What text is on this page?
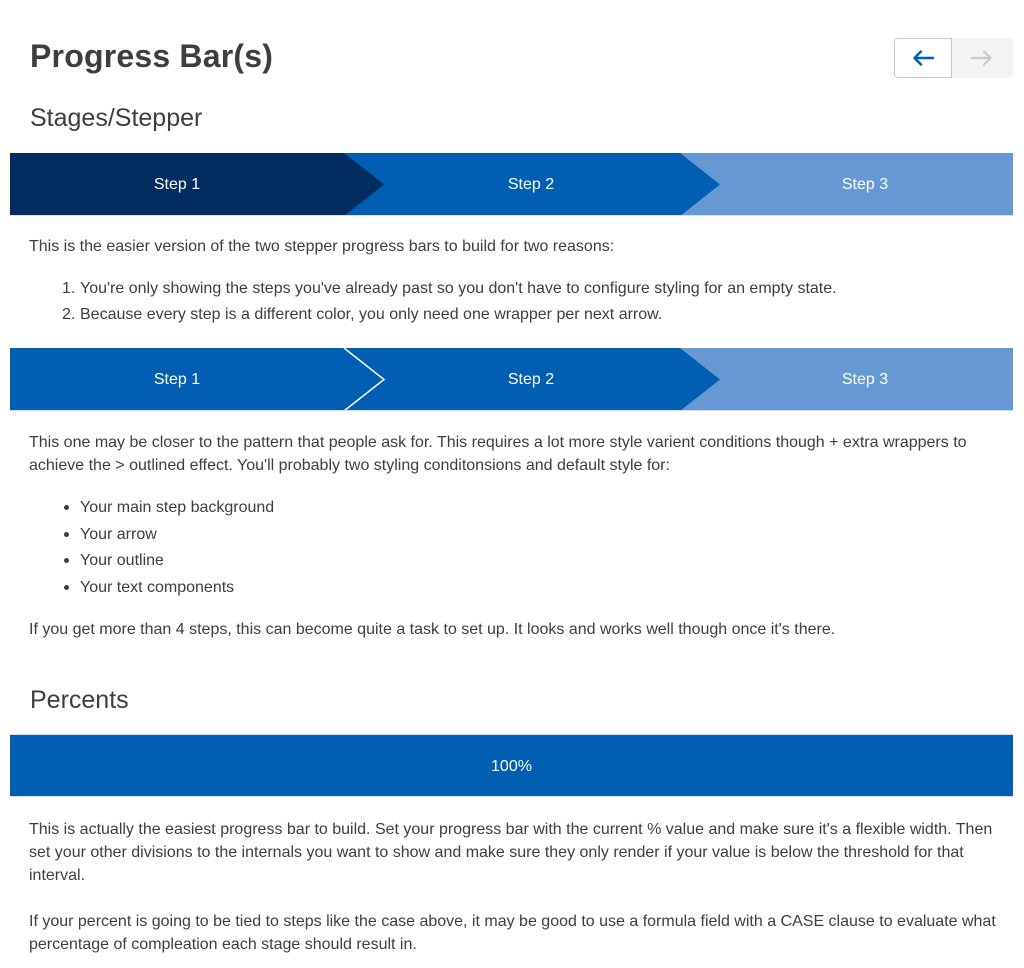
Progress Bar(s)
Stages/Stepper
Step 1	Step 2	Step 3

This is the easier version of the two stepper progress bars to build for two reasons:

1. You're only showing the steps you've already past so you don't have to configure styling for an empty state.
2. Because every step is a different color, you only need one wrapper per next arrow.
Step 1	Step 2	Step 3

This one may be closer to the pattern that people ask for. This requires a lot more style varient conditions though + extra wrappers to achieve the > outlined effect. You'll probably two styling conditonsions and default style for:

Your main step background
Your arrow
Your outline
Your text components

If you get more than 4 steps, this can become quite a task to set up. It looks and works well though once it's there.

Percents
100%

This is actually the easiest progress bar to build. Set your progress bar with the current % value and make sure it's a flexible width. Then set your other divisions to the internals you want to show and make sure they only render if your value is below the threshold for that interval.

If your percent is going to be tied to steps like the case above, it may be good to use a formula field with a CASE clause to evaluate what percentage of compleation each stage should result in.
